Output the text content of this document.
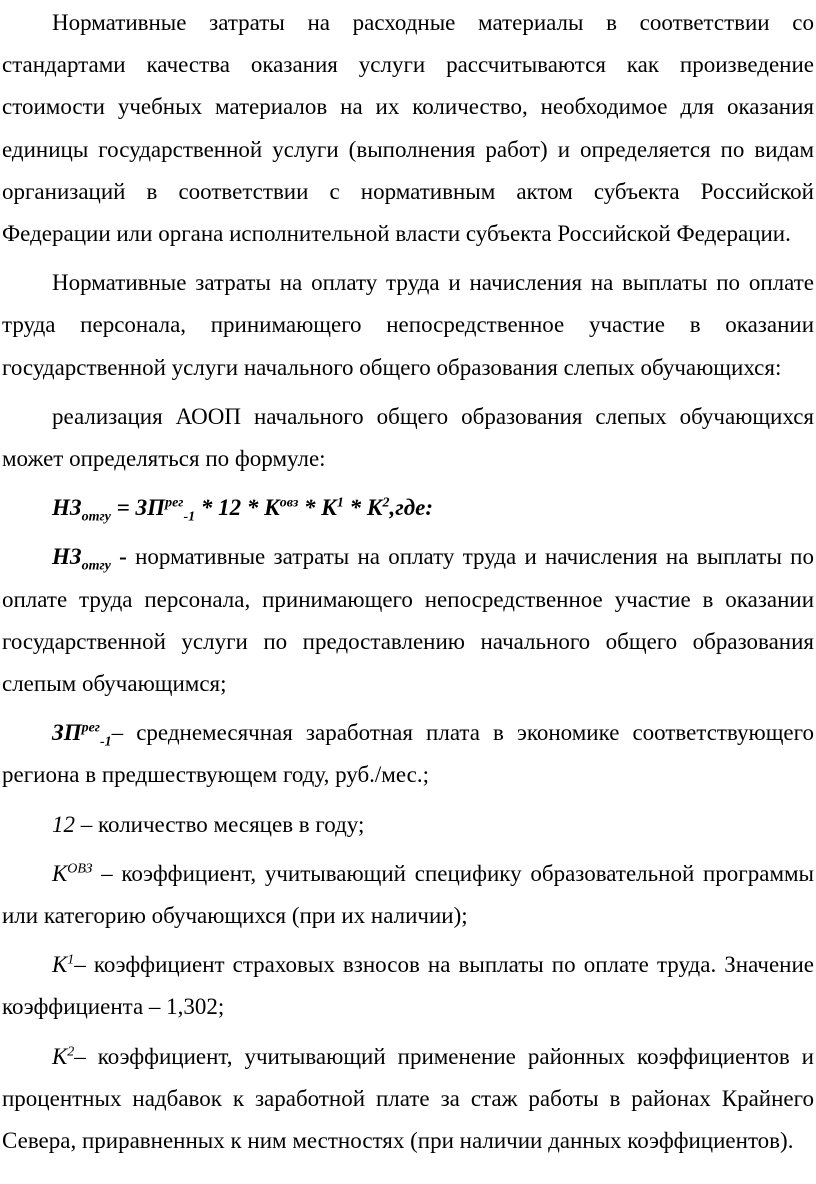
Нормативные затраты на расходные материалы в соответствии со стандартами качества оказания услуги рассчитываются как произведение стоимости учебных материалов на их количество, необходимое для оказания единицы государственной услуги (выполнения работ) и определяется по видам организаций в соответствии с нормативным актом субъекта Российской Федерации или органа исполнительной власти субъекта Российской Федерации.

Нормативные затраты на оплату труда и начисления на выплаты по оплате труда персонала, принимающего непосредственное участие в оказании государственной услуги начального общего образования слепых обучающихся:

реализация АООП начального общего образования слепых обучающихся может определяться по формуле:

$НЗ_{отгу} = ЗП^{рег}_{-1} * 12 * К^{овз} * К^1 * К^2,где$:

$НЗ_{отгу}$ - нормативные затраты на оплату труда и начисления на выплаты по оплате труда персонала, принимающего непосредственное участие в оказании государственной услуги по предоставлению начального общего образования слепым обучающимся;

$ЗП^{рег}_{-1}-$ среднемесячная заработная плата в экономике соответствующего региона в предшествующем году, руб./мес.;

12 – количество месяцев в году;

$К^{ОВЗ}$ – коэффициент, учитывающий специфику образовательной программы или категорию обучающихся (при их наличии);

$К^1-$ коэффициент страховых взносов на выплаты по оплате труда. Значение коэффициента – 1,302;

$К^2-$ коэффициент, учитывающий применение районных коэффициентов и процентных надбавок к заработной плате за стаж работы в районах Крайнего Севера, приравненных к ним местностях (при наличии данных коэффициентов).
